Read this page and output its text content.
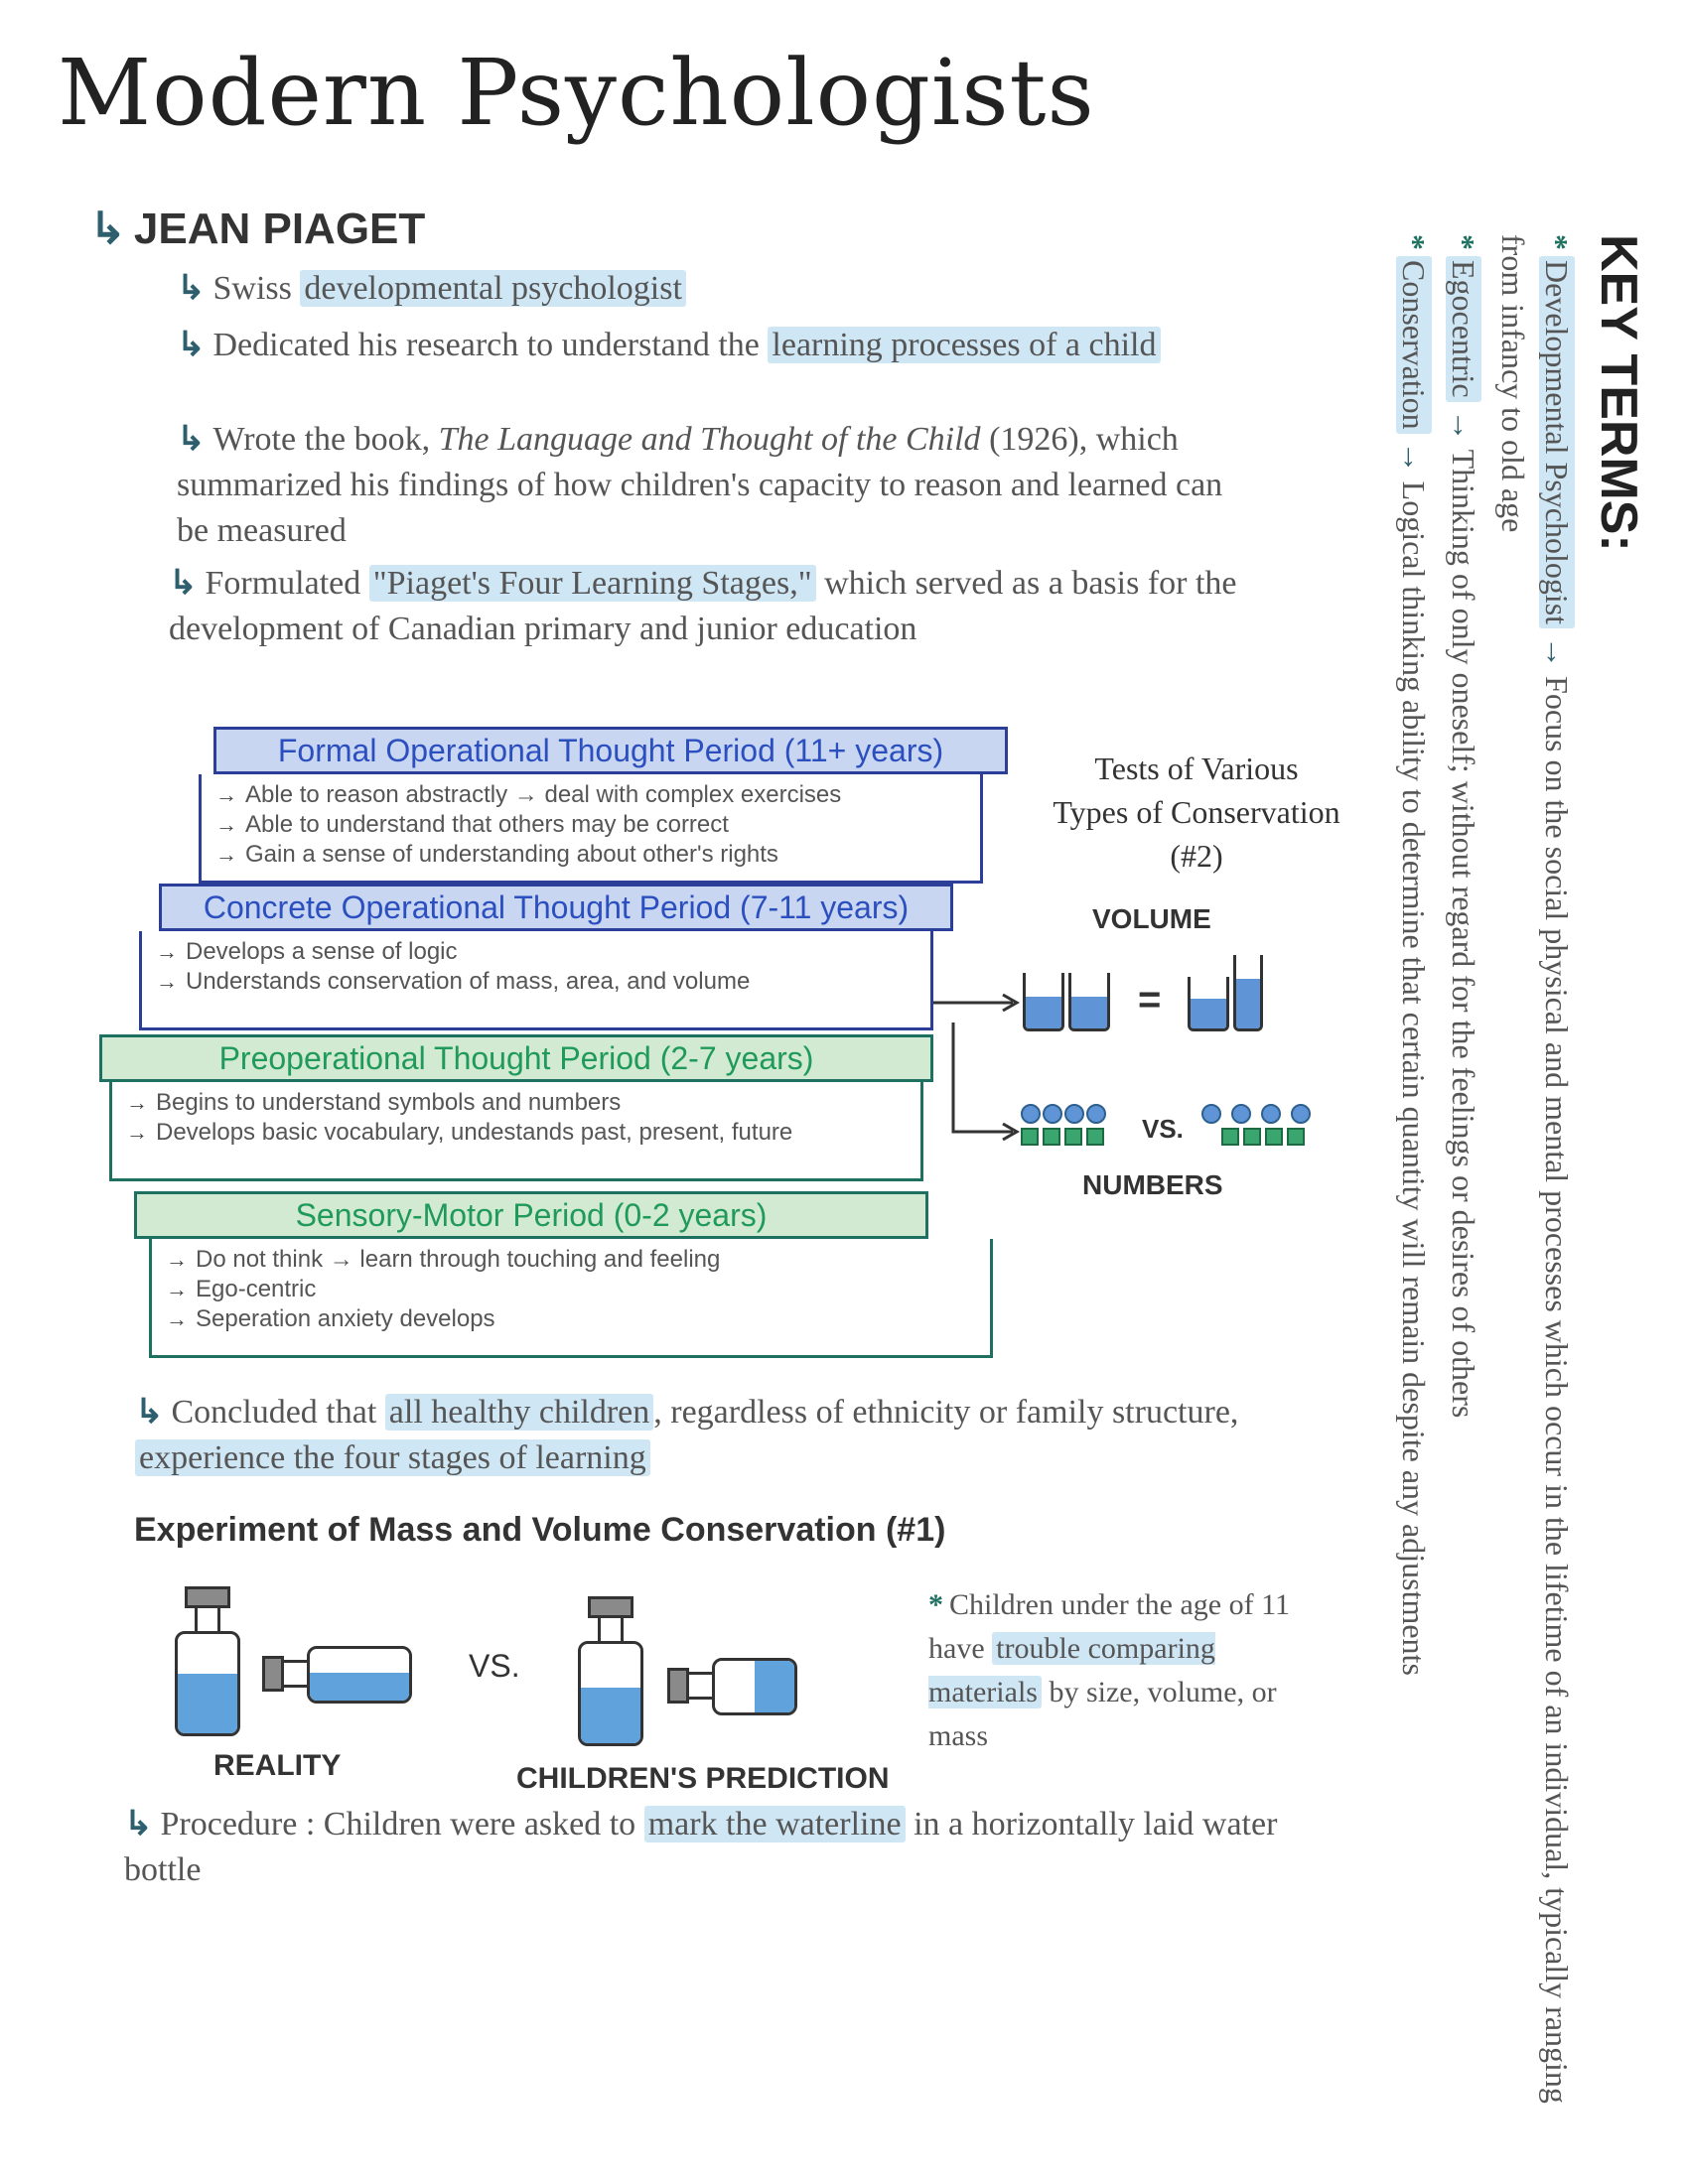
Modern Psychologists
↳ JEAN PIAGET
↳ Swiss developmental psychologist
↳ Dedicated his research to understand the learning processes of a child
↳ Wrote the book, The Language and Thought of the Child (1926), which summarized his findings of how children's capacity to reason and learned can be measured
↳ Formulated "Piaget's Four Learning Stages," which served as a basis for the development of Canadian primary and junior education
Formal Operational Thought Period (11+ years)
→ Able to reason abstractly → deal with complex exercises
→ Able to understand that others may be correct
→ Gain a sense of understanding about other's rights
Concrete Operational Thought Period (7-11 years)
→ Develops a sense of logic
→ Understands conservation of mass, area, and volume
Preoperational Thought Period (2-7 years)
→ Begins to understand symbols and numbers
→ Develops basic vocabulary, undestands past, present, future
Sensory-Motor Period (0-2 years)
→ Do not think → learn through touching and feeling
→ Ego-centric
→ Seperation anxiety develops
Tests of Various
Types of Conservation
(#2)
VOLUME
=
VS.
NUMBERS
↳ Concluded that all healthy children , regardless of ethnicity or family structure, experience the four stages of learning
Experiment of Mass and Volume Conservation (#1)
REALITY
VS.
CHILDREN'S PREDICTION
* Children under the age of 11 have trouble comparing materials by size, volume, or mass
↳ Procedure : Children were asked to mark the waterline in a horizontally laid water bottle
KEY TERMS:
*Developmental Psychologist →Focus on the social physical and mental processes which occur in the lifetime of an individual, typically ranging from infancy to old age
*Egocentric →Thinking of only oneself; without regard for the feelings or desires of others
*Conservation →Logical thinking ability to determine that certain quantity will remain despite any adjustments
